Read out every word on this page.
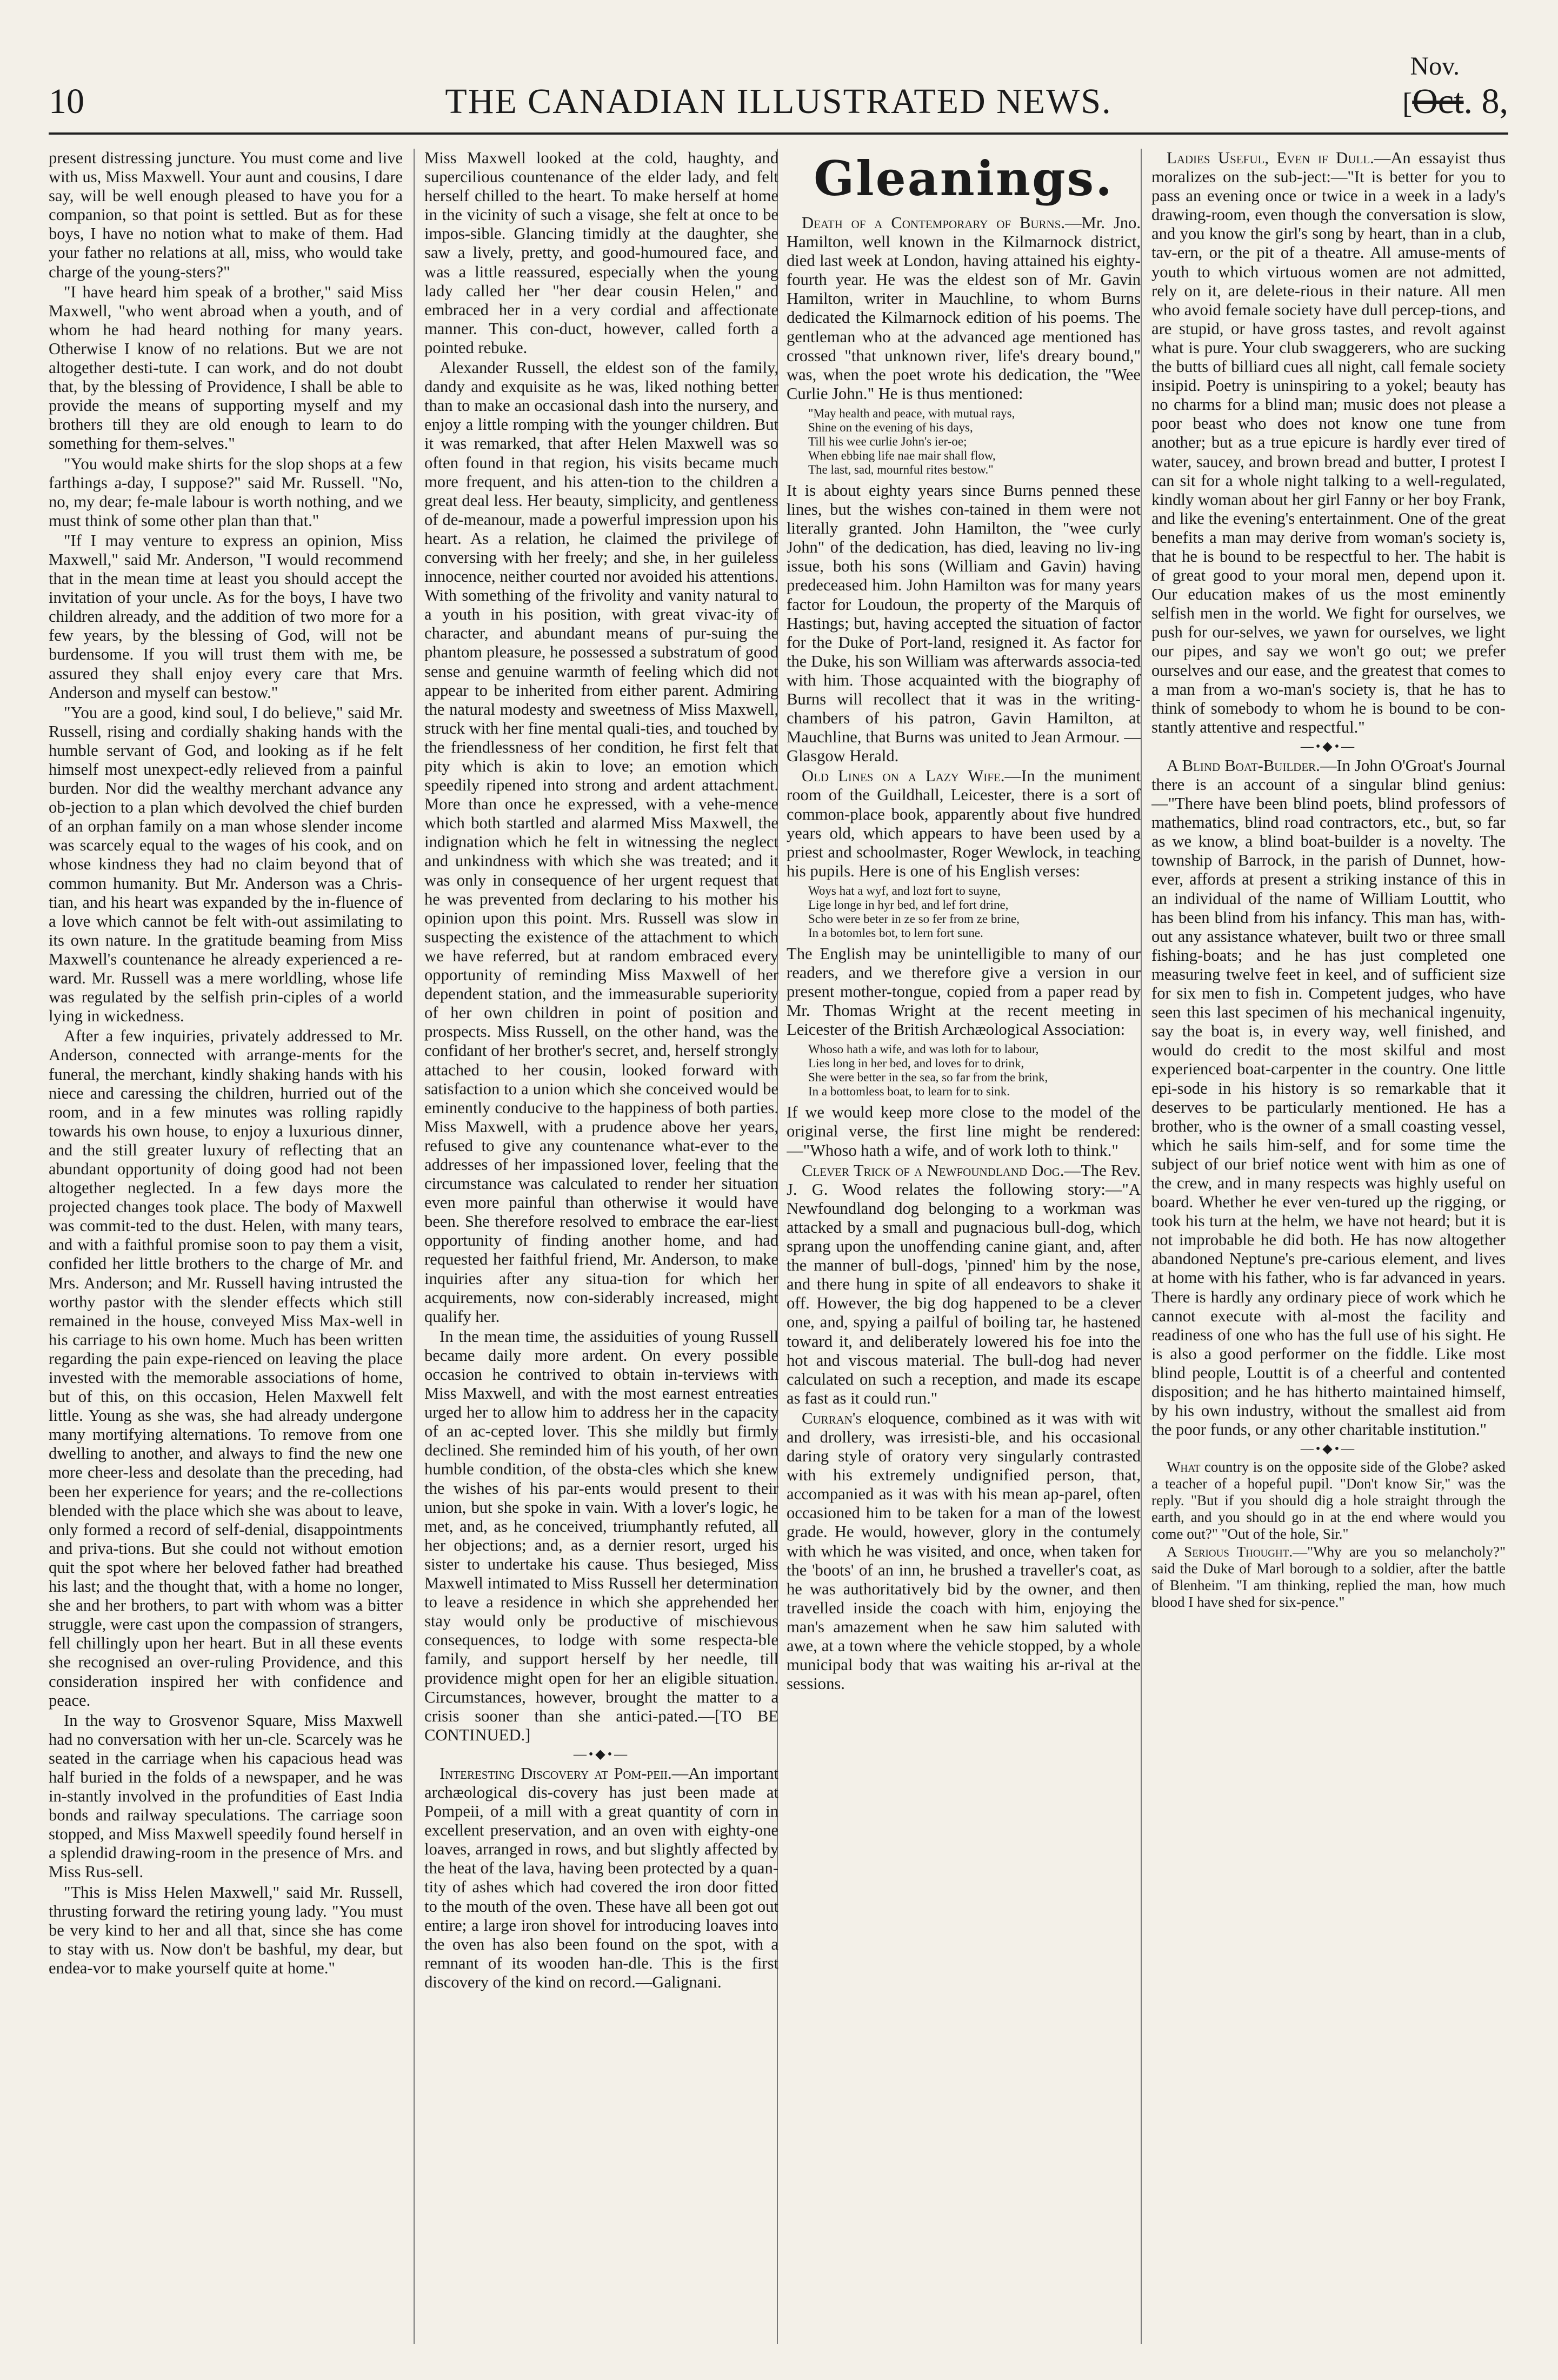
10	THE CANADIAN ILLUSTRATED NEWS.	[Oct. 8,
Nov.

present distressing juncture. You must come and live with us, Miss Maxwell. Your aunt and cousins, I dare say, will be well enough pleased to have you for a companion, so that point is settled. But as for these boys, I have no notion what to make of them. Had your father no relations at all, miss, who would take charge of the young-sters?"

"I have heard him speak of a brother," said Miss Maxwell, "who went abroad when a youth, and of whom he had heard nothing for many years. Otherwise I know of no relations. But we are not altogether desti-tute. I can work, and do not doubt that, by the blessing of Providence, I shall be able to provide the means of supporting myself and my brothers till they are old enough to learn to do something for them-selves."

"You would make shirts for the slop shops at a few farthings a-day, I suppose?" said Mr. Russell. "No, no, my dear; fe-male labour is worth nothing, and we must think of some other plan than that."

"If I may venture to express an opinion, Miss Maxwell," said Mr. Anderson, "I would recommend that in the mean time at least you should accept the invitation of your uncle. As for the boys, I have two children already, and the addition of two more for a few years, by the blessing of God, will not be burdensome. If you will trust them with me, be assured they shall enjoy every care that Mrs. Anderson and myself can bestow."

"You are a good, kind soul, I do believe," said Mr. Russell, rising and cordially shaking hands with the humble servant of God, and looking as if he felt himself most unexpect-edly relieved from a painful burden. Nor did the wealthy merchant advance any ob-jection to a plan which devolved the chief burden of an orphan family on a man whose slender income was scarcely equal to the wages of his cook, and on whose kindness they had no claim beyond that of common humanity. But Mr. Anderson was a Chris-tian, and his heart was expanded by the in-fluence of a love which cannot be felt with-out assimilating to its own nature. In the gratitude beaming from Miss Maxwell's countenance he already experienced a re-ward. Mr. Russell was a mere worldling, whose life was regulated by the selfish prin-ciples of a world lying in wickedness.

After a few inquiries, privately addressed to Mr. Anderson, connected with arrange-ments for the funeral, the merchant, kindly shaking hands with his niece and caressing the children, hurried out of the room, and in a few minutes was rolling rapidly towards his own house, to enjoy a luxurious dinner, and the still greater luxury of reflecting that an abundant opportunity of doing good had not been altogether neglected. In a few days more the projected changes took place. The body of Maxwell was commit-ted to the dust. Helen, with many tears, and with a faithful promise soon to pay them a visit, confided her little brothers to the charge of Mr. and Mrs. Anderson; and Mr. Russell having intrusted the worthy pastor with the slender effects which still remained in the house, conveyed Miss Max-well in his carriage to his own home. Much has been written regarding the pain expe-rienced on leaving the place invested with the memorable associations of home, but of this, on this occasion, Helen Maxwell felt little. Young as she was, she had already undergone many mortifying alternations. To remove from one dwelling to another, and always to find the new one more cheer-less and desolate than the preceding, had been her experience for years; and the re-collections blended with the place which she was about to leave, only formed a record of self-denial, disappointments and priva-tions. But she could not without emotion quit the spot where her beloved father had breathed his last; and the thought that, with a home no longer, she and her brothers, to part with whom was a bitter struggle, were cast upon the compassion of strangers, fell chillingly upon her heart. But in all these events she recognised an over-ruling Providence, and this consideration inspired her with confidence and peace.

In the way to Grosvenor Square, Miss Maxwell had no conversation with her un-cle. Scarcely was he seated in the carriage when his capacious head was half buried in the folds of a newspaper, and he was in-stantly involved in the profundities of East India bonds and railway speculations. The carriage soon stopped, and Miss Maxwell speedily found herself in a splendid drawing-room in the presence of Mrs. and Miss Rus-sell.

"This is Miss Helen Maxwell," said Mr. Russell, thrusting forward the retiring young lady. "You must be very kind to her and all that, since she has come to stay with us. Now don't be bashful, my dear, but endea-vor to make yourself quite at home."

Miss Maxwell looked at the cold, haughty, and supercilious countenance of the elder lady, and felt herself chilled to the heart. To make herself at home in the vicinity of such a visage, she felt at once to be impos-sible. Glancing timidly at the daughter, she saw a lively, pretty, and good-humoured face, and was a little reassured, especially when the young lady called her "her dear cousin Helen," and embraced her in a very cordial and affectionate manner. This con-duct, however, called forth a pointed rebuke.

Alexander Russell, the eldest son of the family, dandy and exquisite as he was, liked nothing better than to make an occasional dash into the nursery, and enjoy a little romping with the younger children. But it was remarked, that after Helen Maxwell was so often found in that region, his visits became much more frequent, and his atten-tion to the children a great deal less. Her beauty, simplicity, and gentleness of de-meanour, made a powerful impression upon his heart. As a relation, he claimed the privilege of conversing with her freely; and she, in her guileless innocence, neither courted nor avoided his attentions. With something of the frivolity and vanity natural to a youth in his position, with great vivac-ity of character, and abundant means of pur-suing the phantom pleasure, he possessed a substratum of good sense and genuine warmth of feeling which did not appear to be inherited from either parent. Admiring the natural modesty and sweetness of Miss Maxwell, struck with her fine mental quali-ties, and touched by the friendlessness of her condition, he first felt that pity which is akin to love; an emotion which speedily ripened into strong and ardent attachment. More than once he expressed, with a vehe-mence which both startled and alarmed Miss Maxwell, the indignation which he felt in witnessing the neglect and unkindness with which she was treated; and it was only in consequence of her urgent request that he was prevented from declaring to his mother his opinion upon this point. Mrs. Russell was slow in suspecting the existence of the attachment to which we have referred, but at random embraced every opportunity of reminding Miss Maxwell of her dependent station, and the immeasurable superiority of her own children in point of position and prospects. Miss Russell, on the other hand, was the confidant of her brother's secret, and, herself strongly attached to her cousin, looked forward with satisfaction to a union which she conceived would be eminently conducive to the happiness of both parties. Miss Maxwell, with a prudence above her years, refused to give any countenance what-ever to the addresses of her impassioned lover, feeling that the circumstance was calculated to render her situation even more painful than otherwise it would have been. She therefore resolved to embrace the ear-liest opportunity of finding another home, and had requested her faithful friend, Mr. Anderson, to make inquiries after any situa-tion for which her acquirements, now con-siderably increased, might qualify her.

In the mean time, the assiduities of young Russell became daily more ardent. On every possible occasion he contrived to obtain in-terviews with Miss Maxwell, and with the most earnest entreaties urged her to allow him to address her in the capacity of an ac-cepted lover. This she mildly but firmly declined. She reminded him of his youth, of her own humble condition, of the obsta-cles which she knew the wishes of his par-ents would present to their union, but she spoke in vain. With a lover's logic, he met, and, as he conceived, triumphantly refuted, all her objections; and, as a dernier resort, urged his sister to undertake his cause. Thus besieged, Miss Maxwell intimated to Miss Russell her determination to leave a residence in which she apprehended her stay would only be productive of mischievous consequences, to lodge with some respecta-ble family, and support herself by her needle, till providence might open for her an eligible situation. Circumstances, however, brought the matter to a crisis sooner than she antici-pated.—[TO BE CONTINUED.]

—•◆•—

Interesting Discovery at Pom-peii.—An important archæological dis-covery has just been made at Pompeii, of a mill with a great quantity of corn in excellent preservation, and an oven with eighty-one loaves, arranged in rows, and but slightly affected by the heat of the lava, having been protected by a quan-tity of ashes which had covered the iron door fitted to the mouth of the oven. These have all been got out entire; a large iron shovel for introducing loaves into the oven has also been found on the spot, with a remnant of its wooden han-dle. This is the first discovery of the kind on record.—Galignani.

Gleanings.

Death of a Contemporary of Burns.—Mr. Jno. Hamilton, well known in the Kilmarnock district, died last week at London, having attained his eighty-fourth year. He was the eldest son of Mr. Gavin Hamilton, writer in Mauchline, to whom Burns dedicated the Kilmarnock edition of his poems. The gentleman who at the advanced age mentioned has crossed "that unknown river, life's dreary bound," was, when the poet wrote his dedication, the "Wee Curlie John." He is thus mentioned:

"May health and peace, with mutual rays,
Shine on the evening of his days,
Till his wee curlie John's ier-oe;
When ebbing life nae mair shall flow,
The last, sad, mournful rites bestow."

It is about eighty years since Burns penned these lines, but the wishes con-tained in them were not literally granted. John Hamilton, the "wee curly John" of the dedication, has died, leaving no liv-ing issue, both his sons (William and Gavin) having predeceased him. John Hamilton was for many years factor for Loudoun, the property of the Marquis of Hastings; but, having accepted the situation of factor for the Duke of Port-land, resigned it. As factor for the Duke, his son William was afterwards associa-ted with him. Those acquainted with the biography of Burns will recollect that it was in the writing-chambers of his patron, Gavin Hamilton, at Mauchline, that Burns was united to Jean Armour. —Glasgow Herald.

Old Lines on a Lazy Wife.—In the muniment room of the Guildhall, Leicester, there is a sort of common-place book, apparently about five hundred years old, which appears to have been used by a priest and schoolmaster, Roger Wewlock, in teaching his pupils. Here is one of his English verses:

Woys hat a wyf, and lozt fort to suyne,
Lige longe in hyr bed, and lef fort drine,
Scho were beter in ze so fer from ze brine,
In a botomles bot, to lern fort sune.

The English may be unintelligible to many of our readers, and we therefore give a version in our present mother-tongue, copied from a paper read by Mr. Thomas Wright at the recent meeting in Leicester of the British Archæological Association:

Whoso hath a wife, and was loth for to labour,
Lies long in her bed, and loves for to drink,
She were better in the sea, so far from the brink,
In a bottomless boat, to learn for to sink.

If we would keep more close to the model of the original verse, the first line might be rendered:—"Whoso hath a wife, and of work loth to think."

Clever Trick of a Newfoundland Dog.—The Rev. J. G. Wood relates the following story:—"A Newfoundland dog belonging to a workman was attacked by a small and pugnacious bull-dog, which sprang upon the unoffending canine giant, and, after the manner of bull-dogs, 'pinned' him by the nose, and there hung in spite of all endeavors to shake it off. However, the big dog happened to be a clever one, and, spying a pailful of boiling tar, he hastened toward it, and deliberately lowered his foe into the hot and viscous material. The bull-dog had never calculated on such a reception, and made its escape as fast as it could run."

Curran's eloquence, combined as it was with wit and drollery, was irresisti-ble, and his occasional daring style of oratory very singularly contrasted with his extremely undignified person, that, accompanied as it was with his mean ap-parel, often occasioned him to be taken for a man of the lowest grade. He would, however, glory in the contumely with which he was visited, and once, when taken for the 'boots' of an inn, he brushed a traveller's coat, as he was authoritatively bid by the owner, and then travelled inside the coach with him, enjoying the man's amazement when he saw him saluted with awe, at a town where the vehicle stopped, by a whole municipal body that was waiting his ar-rival at the sessions.

Ladies Useful, Even if Dull.—An essayist thus moralizes on the sub-ject:—"It is better for you to pass an evening once or twice in a week in a lady's drawing-room, even though the conversation is slow, and you know the girl's song by heart, than in a club, tav-ern, or the pit of a theatre. All amuse-ments of youth to which virtuous women are not admitted, rely on it, are delete-rious in their nature. All men who avoid female society have dull percep-tions, and are stupid, or have gross tastes, and revolt against what is pure. Your club swaggerers, who are sucking the butts of billiard cues all night, call female society insipid. Poetry is uninspiring to a yokel; beauty has no charms for a blind man; music does not please a poor beast who does not know one tune from another; but as a true epicure is hardly ever tired of water, saucey, and brown bread and butter, I protest I can sit for a whole night talking to a well-regulated, kindly woman about her girl Fanny or her boy Frank, and like the evening's entertainment. One of the great benefits a man may derive from woman's society is, that he is bound to be respectful to her. The habit is of great good to your moral men, depend upon it. Our education makes of us the most eminently selfish men in the world. We fight for ourselves, we push for our-selves, we yawn for ourselves, we light our pipes, and say we won't go out; we prefer ourselves and our ease, and the greatest that comes to a man from a wo-man's society is, that he has to think of somebody to whom he is bound to be con-stantly attentive and respectful."

—•◆•—

A Blind Boat-Builder.—In John O'Groat's Journal there is an account of a singular blind genius:—"There have been blind poets, blind professors of mathematics, blind road contractors, etc., but, so far as we know, a blind boat-builder is a novelty. The township of Barrock, in the parish of Dunnet, how-ever, affords at present a striking instance of this in an individual of the name of William Louttit, who has been blind from his infancy. This man has, with-out any assistance whatever, built two or three small fishing-boats; and he has just completed one measuring twelve feet in keel, and of sufficient size for six men to fish in. Competent judges, who have seen this last specimen of his mechanical ingenuity, say the boat is, in every way, well finished, and would do credit to the most skilful and most experienced boat-carpenter in the country. One little epi-sode in his history is so remarkable that it deserves to be particularly mentioned. He has a brother, who is the owner of a small coasting vessel, which he sails him-self, and for some time the subject of our brief notice went with him as one of the crew, and in many respects was highly useful on board. Whether he ever ven-tured up the rigging, or took his turn at the helm, we have not heard; but it is not improbable he did both. He has now altogether abandoned Neptune's pre-carious element, and lives at home with his father, who is far advanced in years. There is hardly any ordinary piece of work which he cannot execute with al-most the facility and readiness of one who has the full use of his sight. He is also a good performer on the fiddle. Like most blind people, Louttit is of a cheerful and contented disposition; and he has hitherto maintained himself, by his own industry, without the smallest aid from the poor funds, or any other charitable institution."

—•◆•—

What country is on the opposite side of the Globe? asked a teacher of a hopeful pupil. "Don't know Sir," was the reply. "But if you should dig a hole straight through the earth, and you should go in at the end where would you come out?" "Out of the hole, Sir."

A Serious Thought.—"Why are you so melancholy?" said the Duke of Marl borough to a soldier, after the battle of Blenheim. "I am thinking, replied the man, how much blood I have shed for six-pence."
